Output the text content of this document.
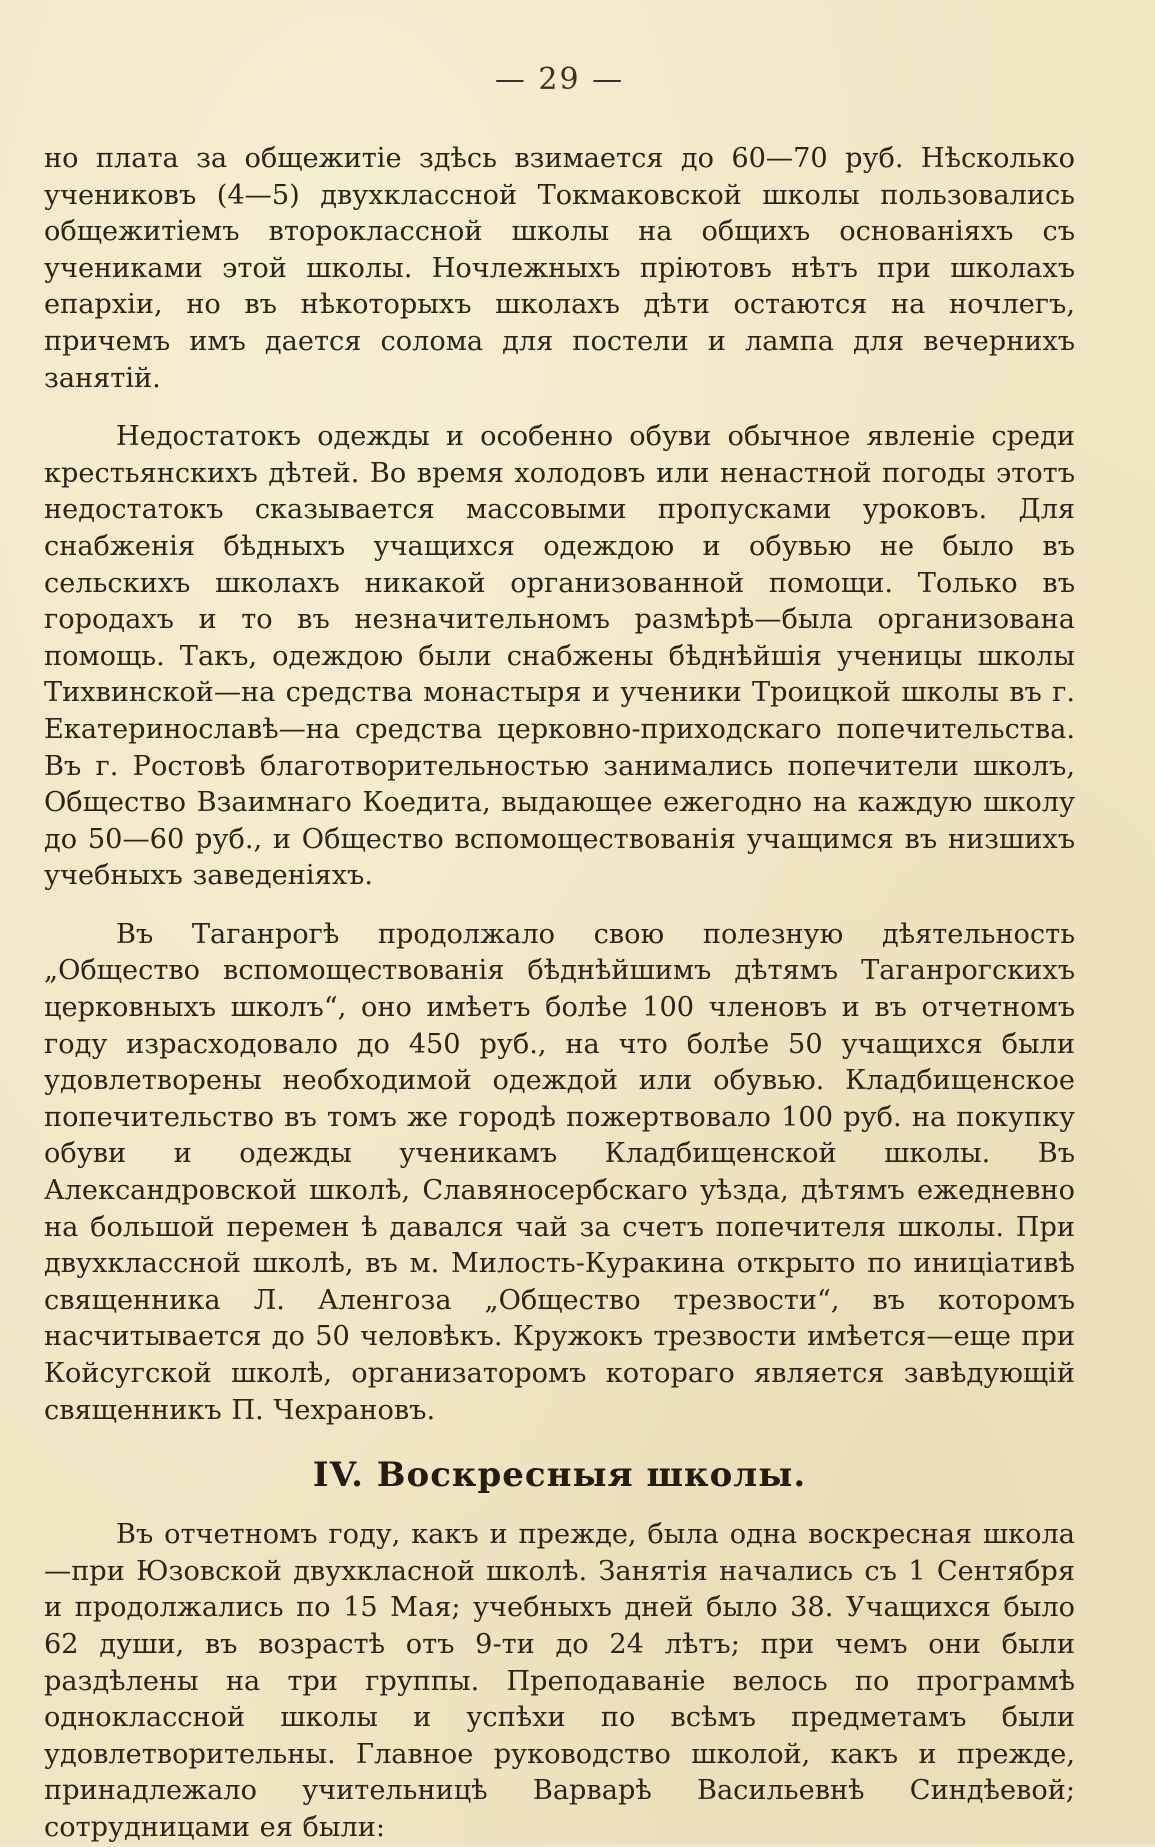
— 29 —

но плата за общежитіе здѣсь взимается до 60—70 руб. Нѣсколько учениковъ (4—5) двухклассной Токмаковской школы пользовались общежитіемъ второклассной школы на общихъ основаніяхъ съ учениками этой школы. Ночлежныхъ пріютовъ нѣтъ при школахъ епархіи, но въ нѣкоторыхъ школахъ дѣти остаются на ночлегъ, причемъ имъ дается солома для постели и лампа для вечернихъ занятій.

Недостатокъ одежды и особенно обуви обычное явленіе среди крестьянскихъ дѣтей. Во время холодовъ или ненастной погоды этотъ недостатокъ сказывается массовыми пропусками уроковъ. Для снабженія бѣдныхъ учащихся одеждою и обувью не было въ сельскихъ школахъ никакой организованной помощи. Только въ городахъ и то въ незначительномъ размѣрѣ—была организована помощь. Такъ, одеждою были снабжены бѣднѣйшія ученицы школы Тихвинской—на средства монастыря и ученики Троицкой школы въ г. Екатеринославѣ—на средства церковно-приходскаго попечительства. Въ г. Ростовѣ благотворительностью занимались попечители школъ, Общество Взаимнаго Коедита, выдающее ежегодно на каждую школу до 50—60 руб., и Общество вспомоществованія учащимся въ низшихъ учебныхъ заведеніяхъ.

Въ Таганрогѣ продолжало свою полезную дѣятельность „Общество вспомоществованія бѣднѣйшимъ дѣтямъ Таганрогскихъ церковныхъ школъ“, оно имѣетъ болѣе 100 членовъ и въ отчетномъ году израсходовало до 450 руб., на что болѣе 50 учащихся были удовлетворены необходимой одеждой или обувью. Кладбищенское попечительство въ томъ же городѣ пожертвовало 100 руб. на покупку обуви и одежды ученикамъ Кладбищенской школы. Въ Александровской школѣ, Славяносербскаго уѣзда, дѣтямъ ежедневно на большой перемен ѣ давался чай за счетъ попечителя школы. При двухклассной школѣ, въ м. Милость-Куракина открыто по иниціативѣ священника Л. Аленгоза „Общество трезвости“, въ которомъ насчитывается до 50 человѣкъ. Кружокъ трезвости имѣется—еще при Койсугской школѣ, организаторомъ котораго является завѣдующій священникъ П. Чехрановъ.

IV. Воскресныя школы.

Въ отчетномъ году, какъ и прежде, была одна воскресная школа—при Юзовской двухкласной школѣ. Занятія начались съ 1 Сентября и продолжались по 15 Мая; учебныхъ дней было 38. Учащихся было 62 души, въ возрастѣ отъ 9-ти до 24 лѣтъ; при чемъ они были раздѣлены на три группы. Преподаваніе велось по программѣ одноклассной школы и успѣхи по всѣмъ предметамъ были удовлетворительны. Главное руководство школой, какъ и прежде, принадлежало учительницѣ Варварѣ Васильевнѣ Синдѣевой; сотрудницами ея были:
